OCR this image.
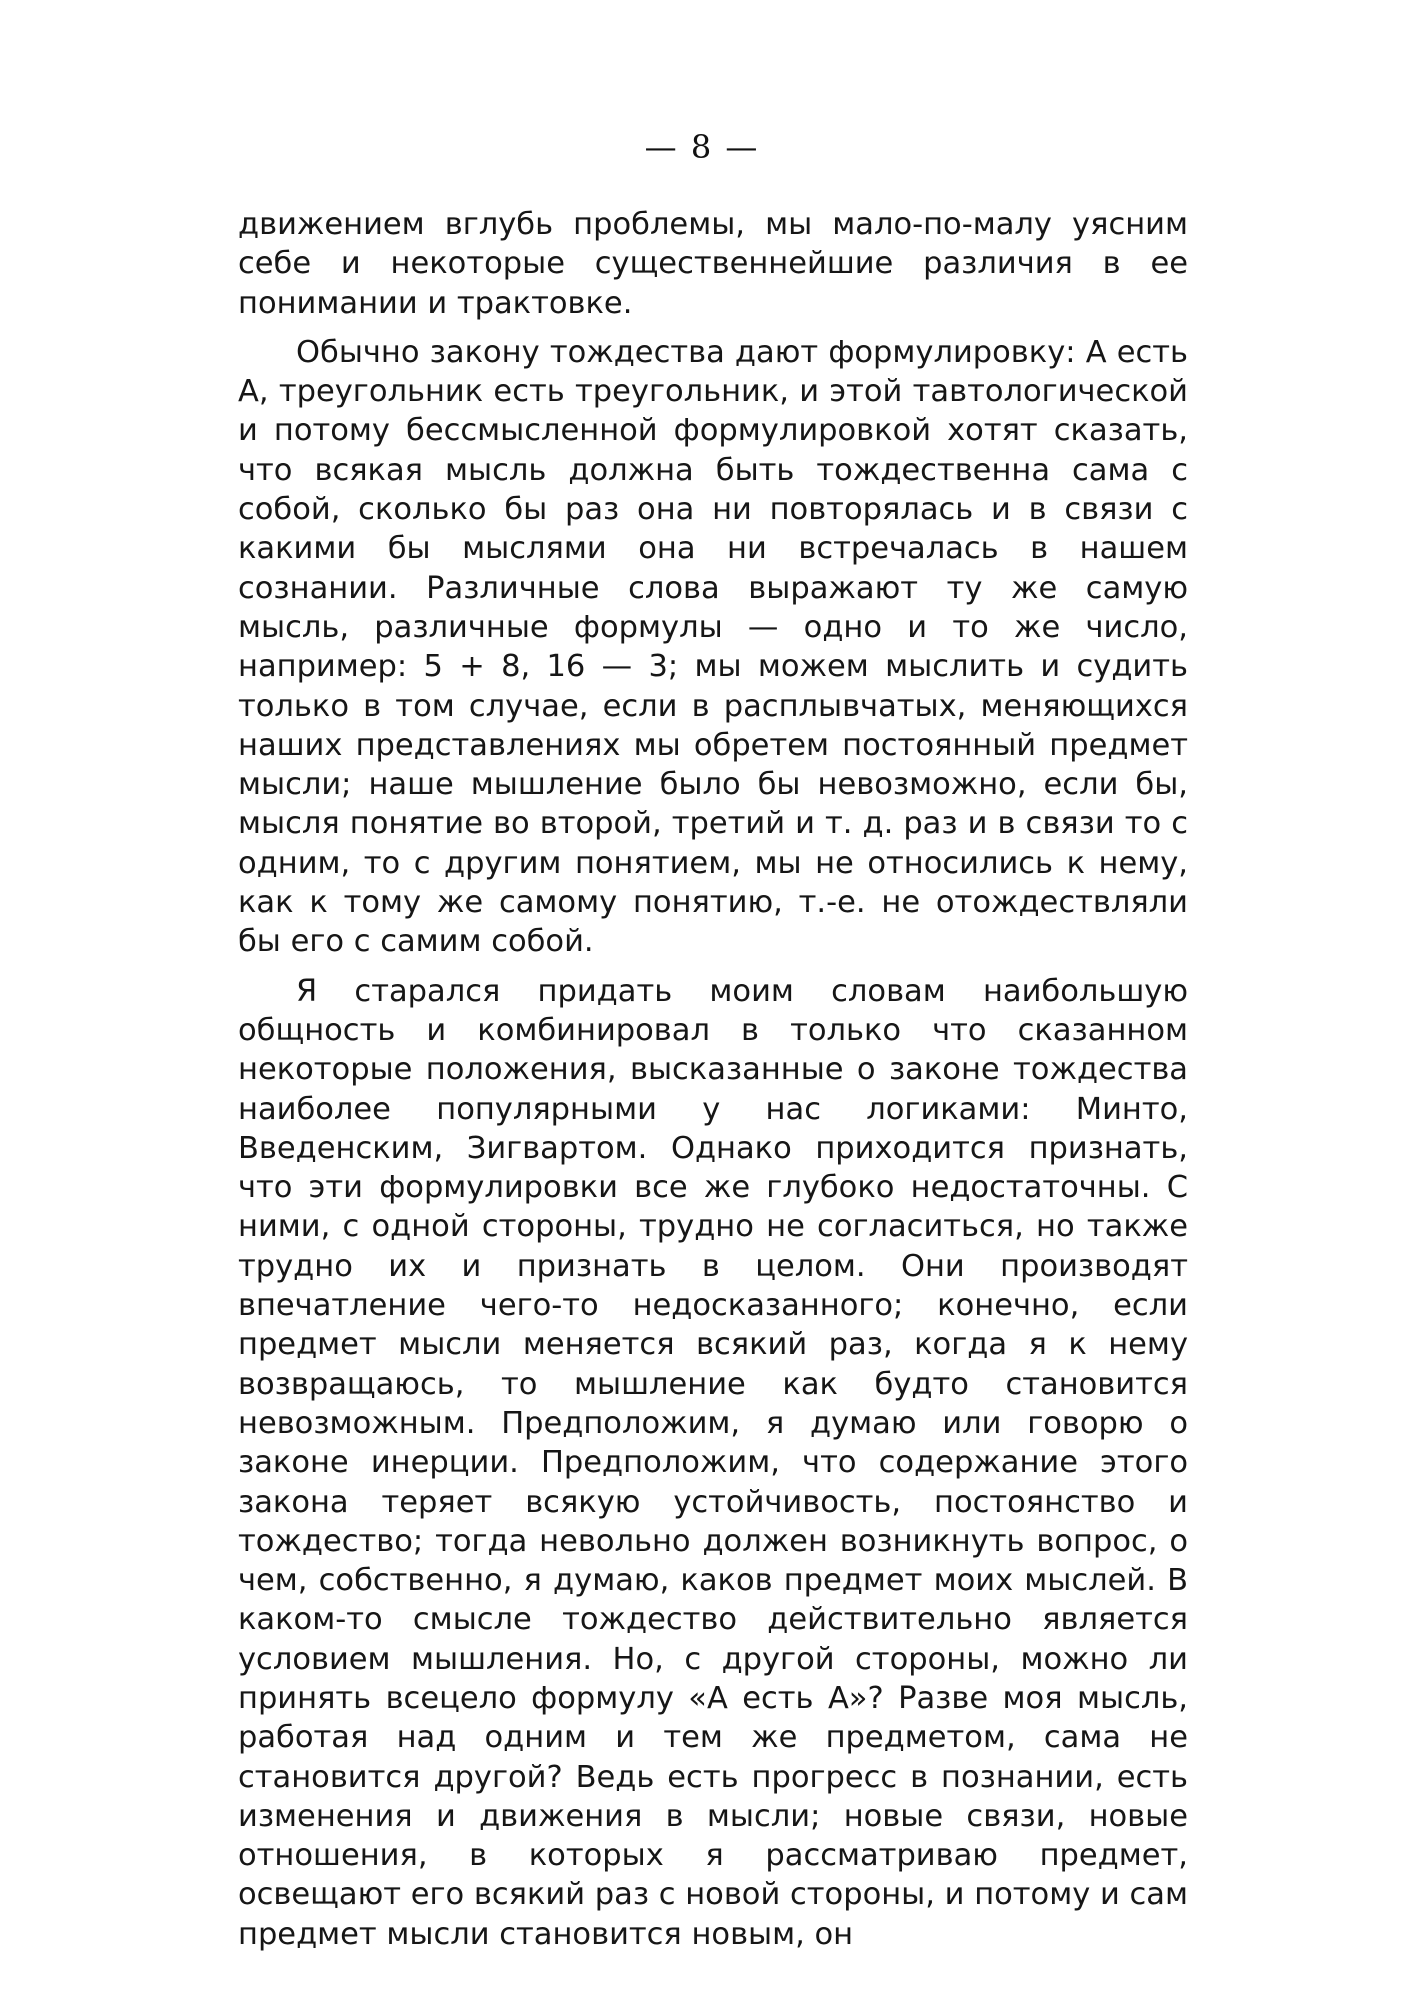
— 8 —

движением вглубь проблемы, мы мало-по-малу уясним себе и некоторые существеннейшие различия в ее понимании и трактовке.

Обычно закону тождества дают формулировку: А есть А, треугольник есть треугольник, и этой тавтологической и потому бессмысленной формулировкой хотят сказать, что всякая мысль должна быть тождественна сама с собой, сколько бы раз она ни повторялась и в связи с какими бы мыслями она ни встречалась в нашем сознании. Различные слова выражают ту же самую мысль, различные формулы — одно и то же число, например: 5 + 8, 16 — 3; мы можем мыслить и судить только в том случае, если в расплывчатых, меняющихся наших представлениях мы обретем постоянный предмет мысли; наше мышление было бы невозможно, если бы, мысля понятие во второй, третий и т. д. раз и в связи то с одним, то с другим понятием, мы не относились к нему, как к тому же самому понятию, т.-е. не отождествляли бы его с самим собой.

Я старался придать моим словам наибольшую общность и комбинировал в только что сказанном некоторые положения, высказанные о законе тождества наиболее популярными у нас логиками: Минто, Введенским, Зигвартом. Однако приходится признать, что эти формулировки все же глубоко недостаточны. С ними, с одной стороны, трудно не согласиться, но также трудно их и признать в целом. Они производят впечатление чего-то недосказанного; конечно, если предмет мысли меняется всякий раз, когда я к нему возвращаюсь, то мышление как будто становится невозможным. Предположим, я думаю или говорю о законе инерции. Предположим, что содержание этого закона теряет всякую устойчивость, постоянство и тождество; тогда невольно должен возникнуть вопрос, о чем, собственно, я думаю, каков предмет моих мыслей. В каком-то смысле тождество действительно является условием мышления. Но, с другой стороны, можно ли принять всецело формулу «А есть А»? Разве моя мысль, работая над одним и тем же предметом, сама не становится другой? Ведь есть прогресс в познании, есть изменения и движения в мысли; новые связи, новые отношения, в которых я рассматриваю предмет, освещают его всякий раз с новой стороны, и потому и сам предмет мысли становится новым, он
